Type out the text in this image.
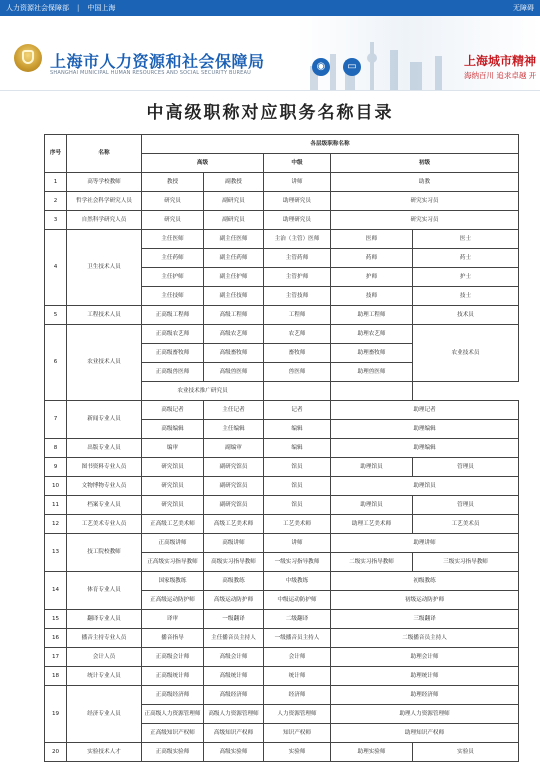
人力资源社会保障部 | 中国上海	无障碍
上海市人力资源和社会保障局
SHANGHAI MUNICIPAL HUMAN RESOURCES AND SOCIAL SECURITY BUREAU
◉	▭	上海城市精神
海纳百川 追求卓越 开
中高级职称对应职务名称目录
序号	名称	各层级职称名称				
		高级		中级	初级	
1	高等学校教师	教授	副教授	讲师	助教	
2	哲学社会科学研究人员	研究员	副研究员	助理研究员	研究实习员	
3	自然科学研究人员	研究员	副研究员	助理研究员	研究实习员	
4	卫生技术人员	主任医师	副主任医师	主治（主管）医师	医师	医士
		主任药师	副主任药师	主管药师	药师	药士
		主任护师	副主任护师	主管护师	护师	护士
		主任技师	副主任技师	主管技师	技师	技士
5	工程技术人员	正高级工程师	高级工程师	工程师	助理工程师	技术员
6	农业技术人员	正高级农艺师	高级农艺师	农艺师	助理农艺师	农业技术员
		正高级畜牧师	高级畜牧师	畜牧师	助理畜牧师	
		正高级兽医师	高级兽医师	兽医师	助理兽医师	
		农业技术推广研究员				
7	新闻专业人员	高级记者	主任记者	记者	助理记者	
		高级编辑	主任编辑	编辑	助理编辑	
8	出版专业人员	编审	副编审	编辑	助理编辑	
9	图书资料专业人员	研究馆员	副研究馆员	馆员	助理馆员	管理员
10	文物博物专业人员	研究馆员	副研究馆员	馆员	助理馆员	
11	档案专业人员	研究馆员	副研究馆员	馆员	助理馆员	管理员
12	工艺美术专业人员	正高级工艺美术师	高级工艺美术师	工艺美术师	助理工艺美术师	工艺美术员
13	技工院校教师	正高级讲师	高级讲师	讲师	助理讲师	
		正高级实习指导教师	高级实习指导教师	一级实习指导教师	二级实习指导教师	三级实习指导教师
14	体育专业人员	国家级教练	高级教练	中级教练	初级教练	
		正高级运动防护师	高级运动防护师	中级运动防护师	初级运动防护师	
15	翻译专业人员	译审	一级翻译	二级翻译	三级翻译	
16	播音主持专业人员	播音指导	主任播音员主持人	一级播音员主持人	二级播音员主持人	
17	会计人员	正高级会计师	高级会计师	会计师	助理会计师	
18	统计专业人员	正高级统计师	高级统计师	统计师	助理统计师	
19	经济专业人员	正高级经济师	高级经济师	经济师	助理经济师	
		正高级人力资源管理师	高级人力资源管理师	人力资源管理师	助理人力资源管理师	
		正高级知识产权师	高级知识产权师	知识产权师	助理知识产权师	
20	实验技术人才	正高级实验师	高级实验师	实验师	助理实验师	实验员
